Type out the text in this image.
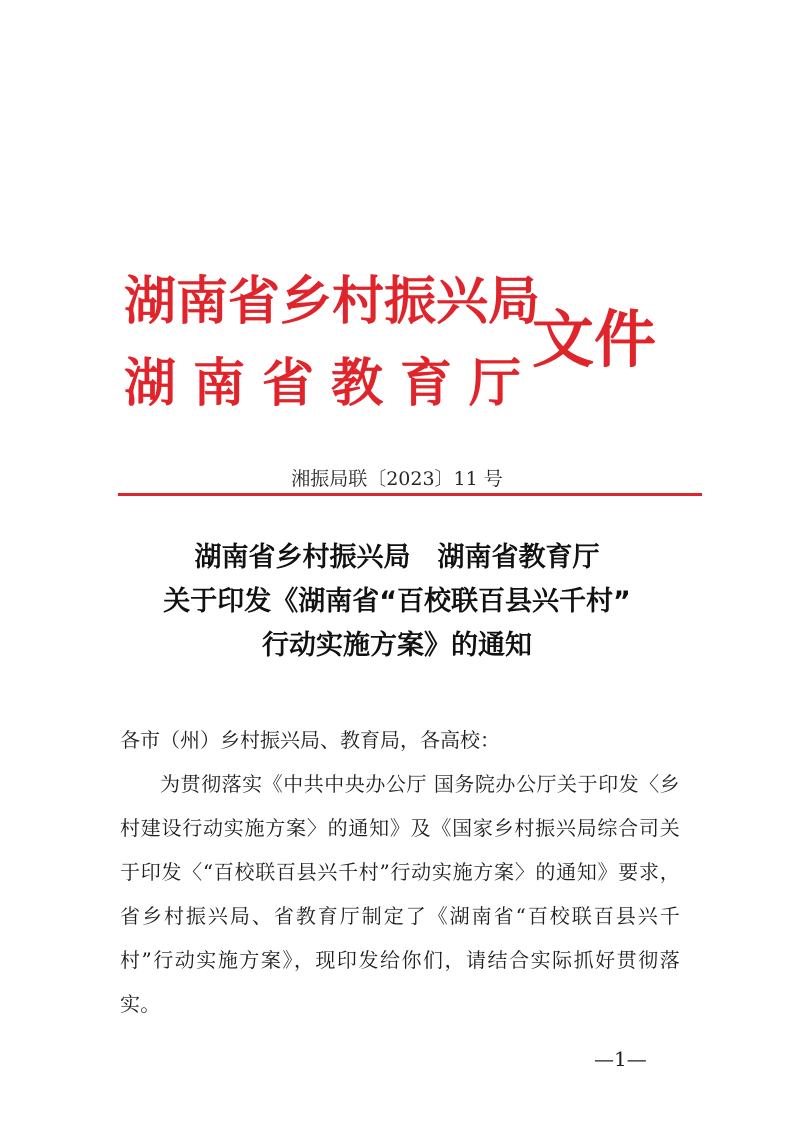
湖南省乡村振兴局
湖南省教育厅
文件
湘振局联〔2023〕11 号
湖南省乡村振兴局　湖南省教育厅
关于印发《湖南省“百校联百县兴千村”
行动实施方案》的通知
各市（州）乡村振兴局、教育局，各高校：
为贯彻落实《中共中央办公厅 国务院办公厅关于印发〈乡村建设行动实施方案〉的通知》及《国家乡村振兴局综合司关于印发〈“百校联百县兴千村”行动实施方案〉的通知》要求，省乡村振兴局、省教育厅制定了《湖南省“百校联百县兴千村”行动实施方案》，现印发给你们，请结合实际抓好贯彻落实。
—1—
